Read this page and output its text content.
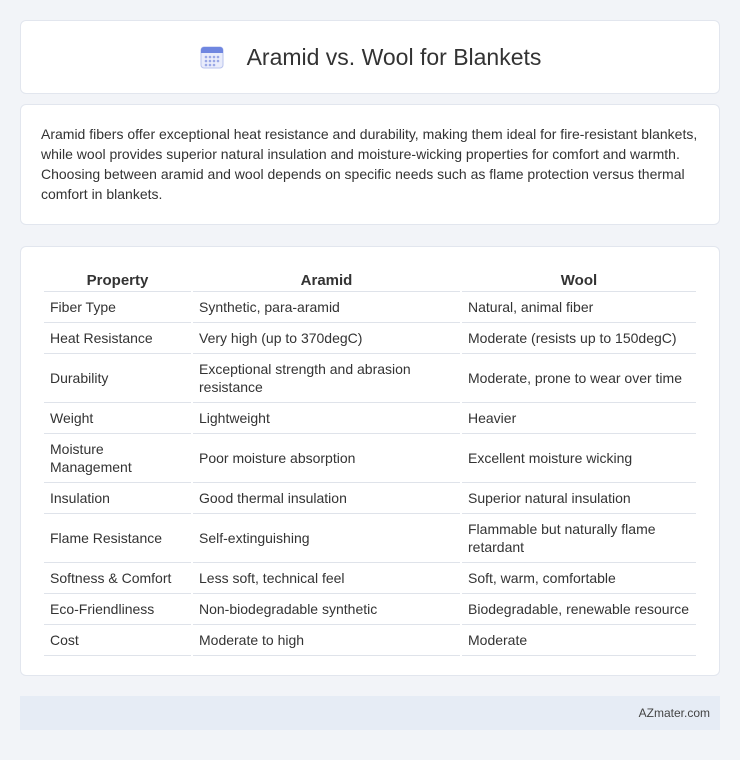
Aramid vs. Wool for Blankets

Aramid fibers offer exceptional heat resistance and durability, making them ideal for fire-resistant blankets, while wool provides superior natural insulation and moisture-wicking properties for comfort and warmth. Choosing between aramid and wool depends on specific needs such as flame protection versus thermal comfort in blankets.

Property	Aramid	Wool
Fiber Type	Synthetic, para-aramid	Natural, animal fiber
Heat Resistance	Very high (up to 370degC)	Moderate (resists up to 150degC)
Durability	Exceptional strength and abrasion resistance	Moderate, prone to wear over time
Weight	Lightweight	Heavier
Moisture Management	Poor moisture absorption	Excellent moisture wicking
Insulation	Good thermal insulation	Superior natural insulation
Flame Resistance	Self-extinguishing	Flammable but naturally flame retardant
Softness & Comfort	Less soft, technical feel	Soft, warm, comfortable
Eco-Friendliness	Non-biodegradable synthetic	Biodegradable, renewable resource
Cost	Moderate to high	Moderate
AZmater.com
